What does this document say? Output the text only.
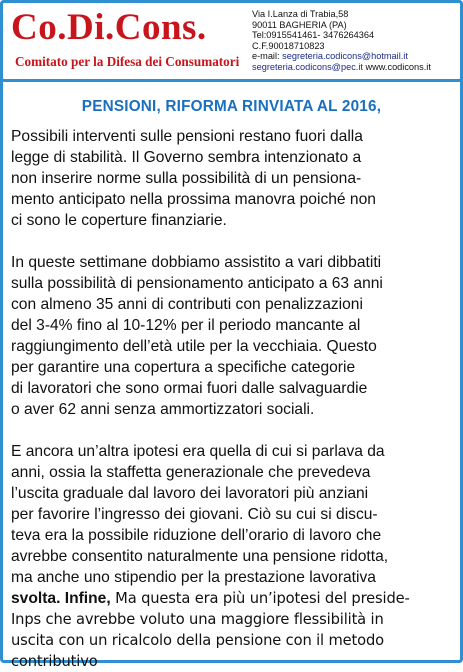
Co.Di.Cons.
Comitato per la Difesa dei Consumatori
Via I.Lanza di Trabia,58
90011 BAGHERIA (PA)
Tel:0915541461- 3476264364
C.F.90018710823
e-mail: segreteria.codicons@hotmail.it
segreteria.codicons@pec.it www.codicons.it
PENSIONI, RIFORMA RINVIATA AL 2016,
Possibili interventi sulle pensioni restano fuori dalla
legge di stabilità. Il Governo sembra intenzionato a
non inserire norme sulla possibilità di un pensiona-
mento anticipato nella prossima manovra poiché non
ci sono le coperture finanziarie.
In queste settimane dobbiamo assistito a vari dibbatiti
sulla possibilità di pensionamento anticipato a 63 anni
con almeno 35 anni di contributi con penalizzazioni
del 3-4% fino al 10-12% per il periodo mancante al
raggiungimento dell’età utile per la vecchiaia. Questo
per garantire una copertura a specifiche categorie
di lavoratori che sono ormai fuori dalle salvaguardie
o aver 62 anni senza ammortizzatori sociali.
E ancora un’altra ipotesi era quella di cui si parlava da
anni, ossia la staffetta generazionale che prevedeva
l’uscita graduale dal lavoro dei lavoratori più anziani
per favorire l’ingresso dei giovani. Ciò su cui si discu-
teva era la possibile riduzione dell’orario di lavoro che
avrebbe consentito naturalmente una pensione ridotta,
ma anche uno stipendio per la prestazione lavorativa
svolta. Infine, Ma questa era più un’ipotesi del preside-
Inps che avrebbe voluto una maggiore flessibilità in
uscita con un ricalcolo della pensione con il metodo
contributivo
